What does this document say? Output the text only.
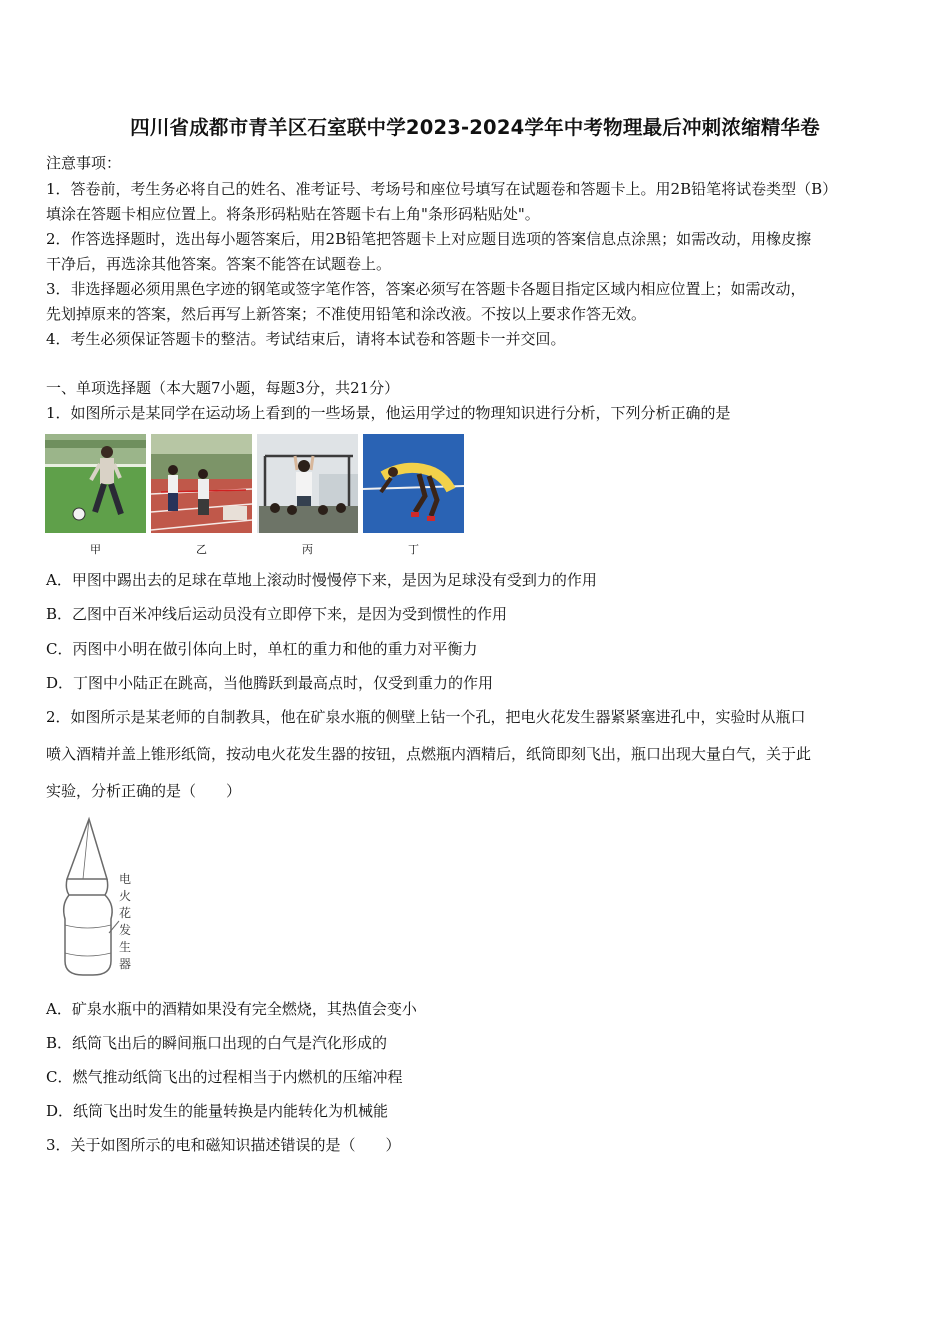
四川省成都市青羊区石室联中学2023-2024学年中考物理最后冲刺浓缩精华卷
注意事项：
1．答卷前，考生务必将自己的姓名、准考证号、考场号和座位号填写在试题卷和答题卡上。用2B铅笔将试卷类型（B）
填涂在答题卡相应位置上。将条形码粘贴在答题卡右上角"条形码粘贴处"。
2．作答选择题时，选出每小题答案后，用2B铅笔把答题卡上对应题目选项的答案信息点涂黑；如需改动，用橡皮擦
干净后，再选涂其他答案。答案不能答在试题卷上。
3．非选择题必须用黑色字迹的钢笔或签字笔作答，答案必须写在答题卡各题目指定区域内相应位置上；如需改动，
先划掉原来的答案，然后再写上新答案；不准使用铅笔和涂改液。不按以上要求作答无效。
4．考生必须保证答题卡的整洁。考试结束后，请将本试卷和答题卡一并交回。
一、单项选择题（本大题7小题，每题3分，共21分）
1．如图所示是某同学在运动场上看到的一些场景，他运用学过的物理知识进行分析，下列分析正确的是
甲	乙	丙	丁
A．甲图中踢出去的足球在草地上滚动时慢慢停下来，是因为足球没有受到力的作用
B．乙图中百米冲线后运动员没有立即停下来，是因为受到惯性的作用
C．丙图中小明在做引体向上时，单杠的重力和他的重力对平衡力
D．丁图中小陆正在跳高，当他腾跃到最高点时，仅受到重力的作用
2．如图所示是某老师的自制教具，他在矿泉水瓶的侧壁上钻一个孔，把电火花发生器紧紧塞进孔中，实验时从瓶口
喷入酒精并盖上锥形纸筒，按动电火花发生器的按钮，点燃瓶内酒精后，纸筒即刻飞出，瓶口出现大量白气，关于此
实验，分析正确的是（　　）
电火花发生器
A．矿泉水瓶中的酒精如果没有完全燃烧，其热值会变小
B．纸筒飞出后的瞬间瓶口出现的白气是汽化形成的
C．燃气推动纸筒飞出的过程相当于内燃机的压缩冲程
D．纸筒飞出时发生的能量转换是内能转化为机械能
3．关于如图所示的电和磁知识描述错误的是（　　）
